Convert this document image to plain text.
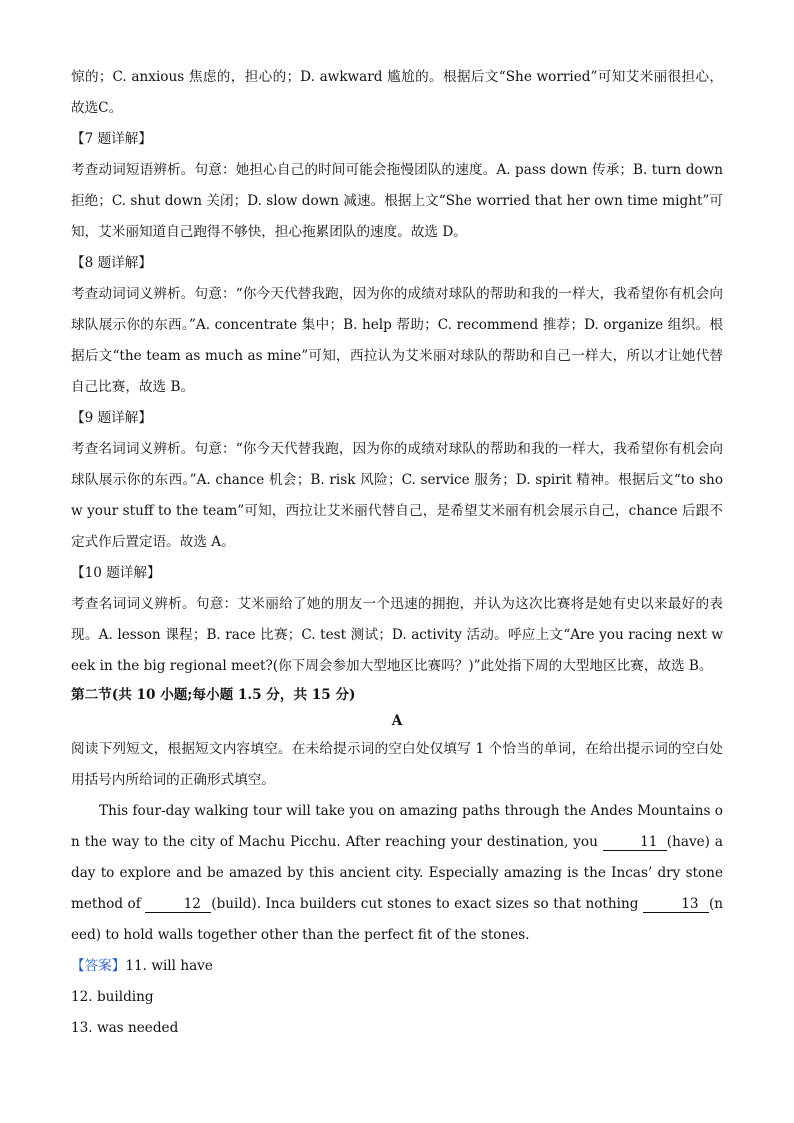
惊的；C. anxious 焦虑的，担心的；D. awkward 尴尬的。根据后文“She worried”可知艾米丽很担心，故选C。

【7 题详解】

考查动词短语辨析。句意：她担心自己的时间可能会拖慢团队的速度。A. pass down 传承；B. turn down 拒绝；C. shut down 关闭；D. slow down 减速。根据上文“She worried that her own time might”可知，艾米丽知道自己跑得不够快，担心拖累团队的速度。故选 D。

【8 题详解】

考查动词词义辨析。句意：“你今天代替我跑，因为你的成绩对球队的帮助和我的一样大，我希望你有机会向球队展示你的东西。”A. concentrate 集中；B. help 帮助；C. recommend 推荐；D. organize 组织。根据后文“the team as much as mine”可知，西拉认为艾米丽对球队的帮助和自己一样大，所以才让她代替自己比赛，故选 B。

【9 题详解】

考查名词词义辨析。句意：“你今天代替我跑，因为你的成绩对球队的帮助和我的一样大，我希望你有机会向球队展示你的东西。”A. chance 机会；B. risk 风险；C. service 服务；D. spirit 精神。根据后文“to show your stuff to the team”可知，西拉让艾米丽代替自己，是希望艾米丽有机会展示自己，chance 后跟不定式作后置定语。故选 A。

【10 题详解】

考查名词词义辨析。句意：艾米丽给了她的朋友一个迅速的拥抱，并认为这次比赛将是她有史以来最好的表现。A. lesson 课程；B. race 比赛；C. test 测试；D. activity 活动。呼应上文“Are you racing next week in the big regional meet?(你下周会参加大型地区比赛吗？)”此处指下周的大型地区比赛，故选 B。

第二节(共 10 小题;每小题 1.5 分，共 15 分)

A

阅读下列短文，根据短文内容填空。在未给提示词的空白处仅填写 1 个恰当的单词，在给出提示词的空白处用括号内所给词的正确形式填空。

This four-day walking tour will take you on amazing paths through the Andes Mountains on the way to the city of Machu Picchu. After reaching your destination, you	11 (have) a day to explore and be amazed by this ancient city. Especially amazing is the Incas’ dry stone method of	12 (build). Inca builders cut stones to exact sizes so that nothing	13 (need) to hold walls together other than the perfect fit of the stones.

【答案】11. will have

12. building

13. was needed
